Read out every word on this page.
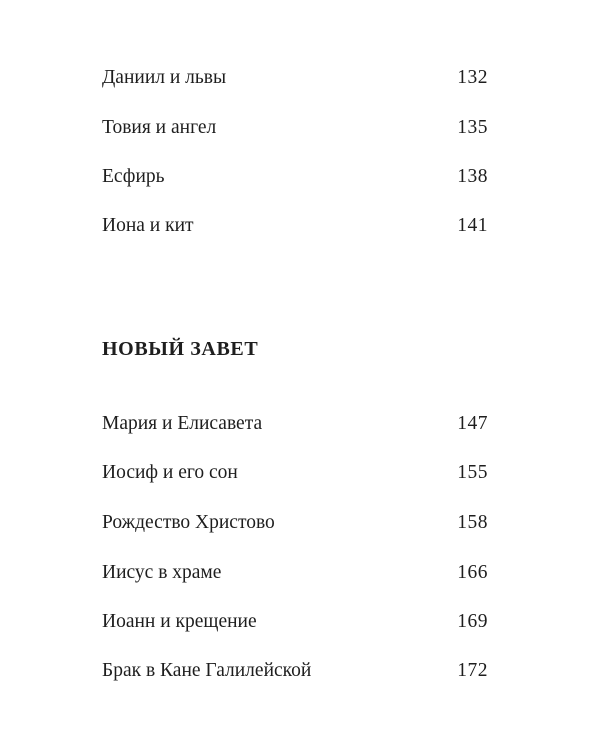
Даниил и львы	132
Товия и ангел	135
Есфирь	138
Иона и кит	141
НОВЫЙ ЗАВЕТ
Мария и Елисавета	147
Иосиф и его сон	155
Рождество Христово	158
Иисус в храме	166
Иоанн и крещение	169
Брак в Кане Галилейской	172
